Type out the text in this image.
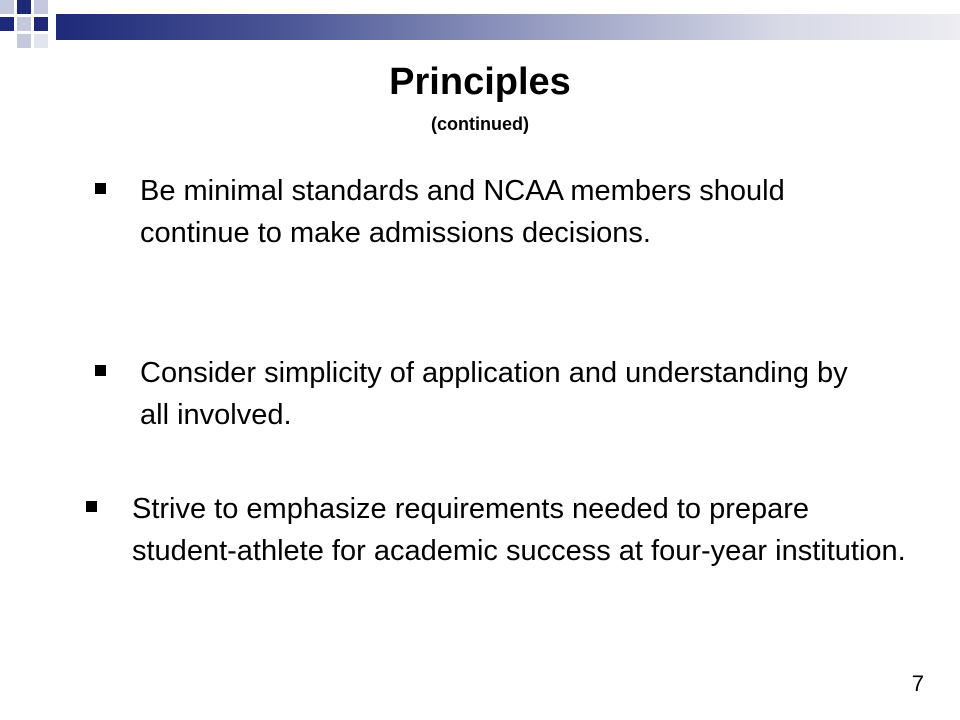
Principles
(continued)
Be minimal standards and NCAA members should continue to make admissions decisions.
Consider simplicity of application and understanding by all involved.
Strive to emphasize requirements needed to prepare student-athlete for academic success at four-year institution.
7
